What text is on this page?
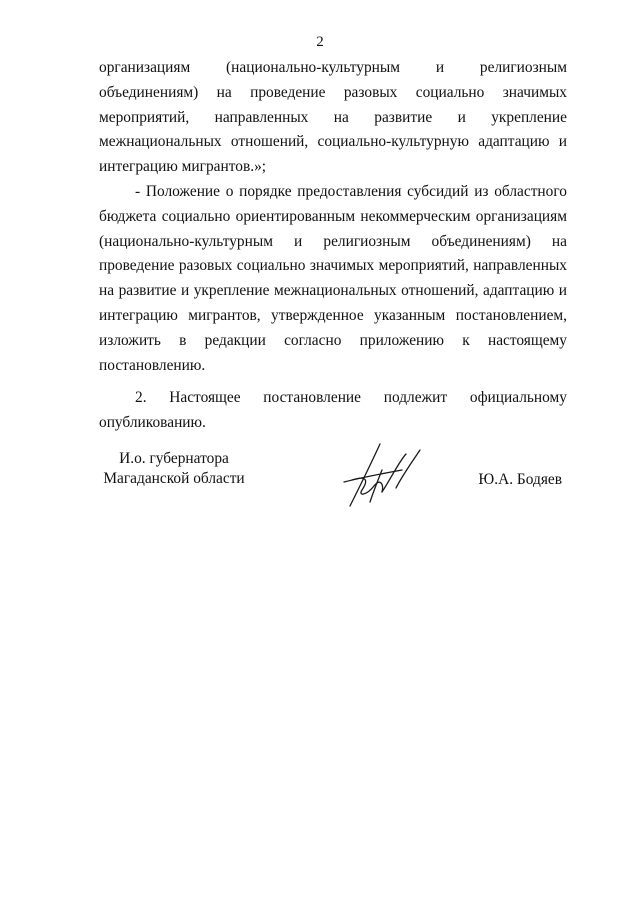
2

организациям (национально-культурным и религиозным объединениям) на проведение разовых социально значимых мероприятий, направленных на развитие и укрепление межнациональных отношений, социально-культурную адаптацию и интеграцию мигрантов.»;

- Положение о порядке предоставления субсидий из областного бюджета социально ориентированным некоммерческим организациям (национально-культурным и религиозным объединениям) на проведение разовых социально значимых мероприятий, направленных на развитие и укрепление межнациональных отношений, адаптацию и интеграцию мигрантов, утвержденное указанным постановлением, изложить в редакции согласно приложению к настоящему постановлению.

2. Настоящее постановление подлежит официальному опубликованию.

И.о. губернатора
Магаданской области	Ю.А. Бодяев
